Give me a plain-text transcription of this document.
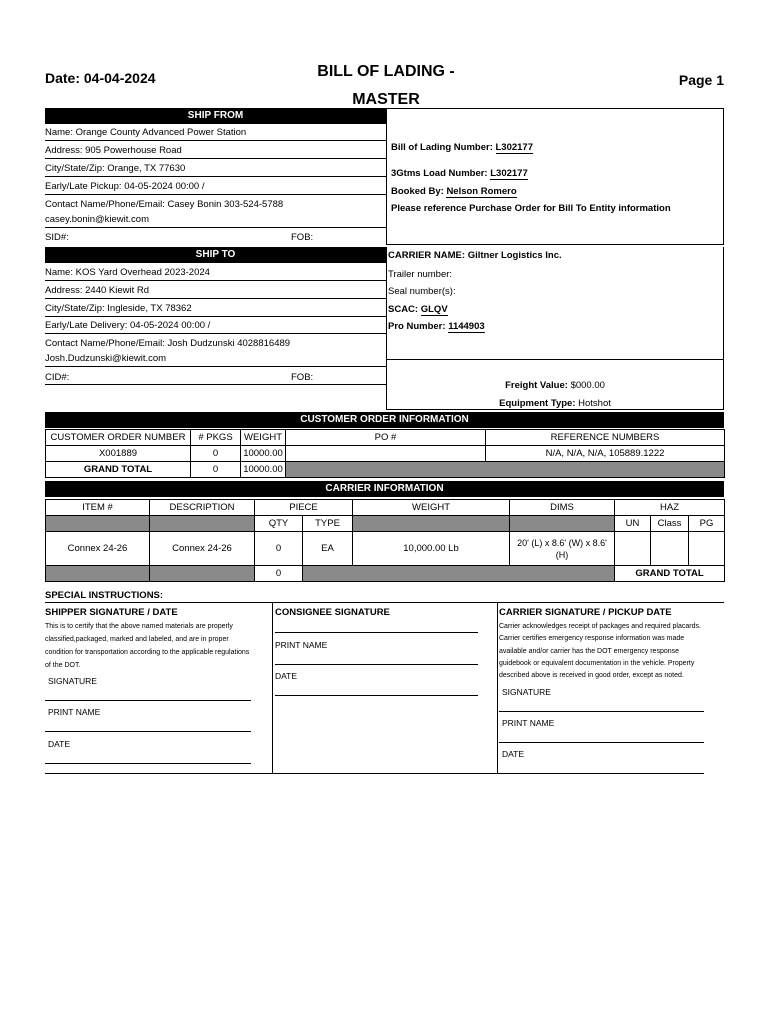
Date: 04-04-2024	BILL OF LADING -
MASTER
Page 1
SHIP FROM
Name: Orange County Advanced Power Station
Address: 905 Powerhouse Road
City/State/Zip: Orange, TX 77630
Early/Late Pickup: 04-05-2024 00:00 /
Contact Name/Phone/Email: Casey Bonin 303-524-5788
casey.bonin@kiewit.com
SID#:	FOB:
Bill of Lading Number: L302177
3Gtms Load Number: L302177
Booked By: Nelson Romero
Please reference Purchase Order for Bill To Entity information
SHIP TO
Name: KOS Yard Overhead 2023-2024
Address: 2440 Kiewit Rd
City/State/Zip: Ingleside, TX 78362
Early/Late Delivery: 04-05-2024 00:00 /
Contact Name/Phone/Email: Josh Dudzunski 4028816489
Josh.Dudzunski@kiewit.com
CID#:	FOB:
CARRIER NAME: Giltner Logistics Inc.
Trailer number:
Seal number(s):
SCAC: GLQV
Pro Number: 1144903
Freight Value: $000.00
Equipment Type: Hotshot
CUSTOMER ORDER INFORMATION
CUSTOMER ORDER NUMBER	# PKGS	WEIGHT	PO #	REFERENCE NUMBERS
X001889	0	10000.00		N/A, N/A, N/A, 105889.1222
GRAND TOTAL	0	10000.00		
CARRIER INFORMATION
ITEM #	DESCRIPTION	PIECE		WEIGHT	DIMS	HAZ		
		QTY	TYPE			UN	Class	PG
Connex 24-26	Connex 24-26	0	EA	10,000.00 Lb	20' (L) x 8.6' (W) x 8.6'
(H)			

		0				GRAND TOTAL		
SPECIAL INSTRUCTIONS:
SHIPPER SIGNATURE / DATE
This is to certify that the above named materials are properly
classified,packaged, marked and labeled, and are in proper
condition for transportation according to the applicable regulations
of the DOT.
SIGNATURE
PRINT NAME
DATE
CONSIGNEE SIGNATURE
PRINT NAME
DATE
CARRIER SIGNATURE / PICKUP DATE
Carrier acknowledges receipt of packages and required placards.
Carrier certifies emergency response information was made
available and/or carrier has the DOT emergency response
guidebook or equivalent documentation in the vehicle. Property
described above is received in good order, except as noted.
SIGNATURE
PRINT NAME
DATE
